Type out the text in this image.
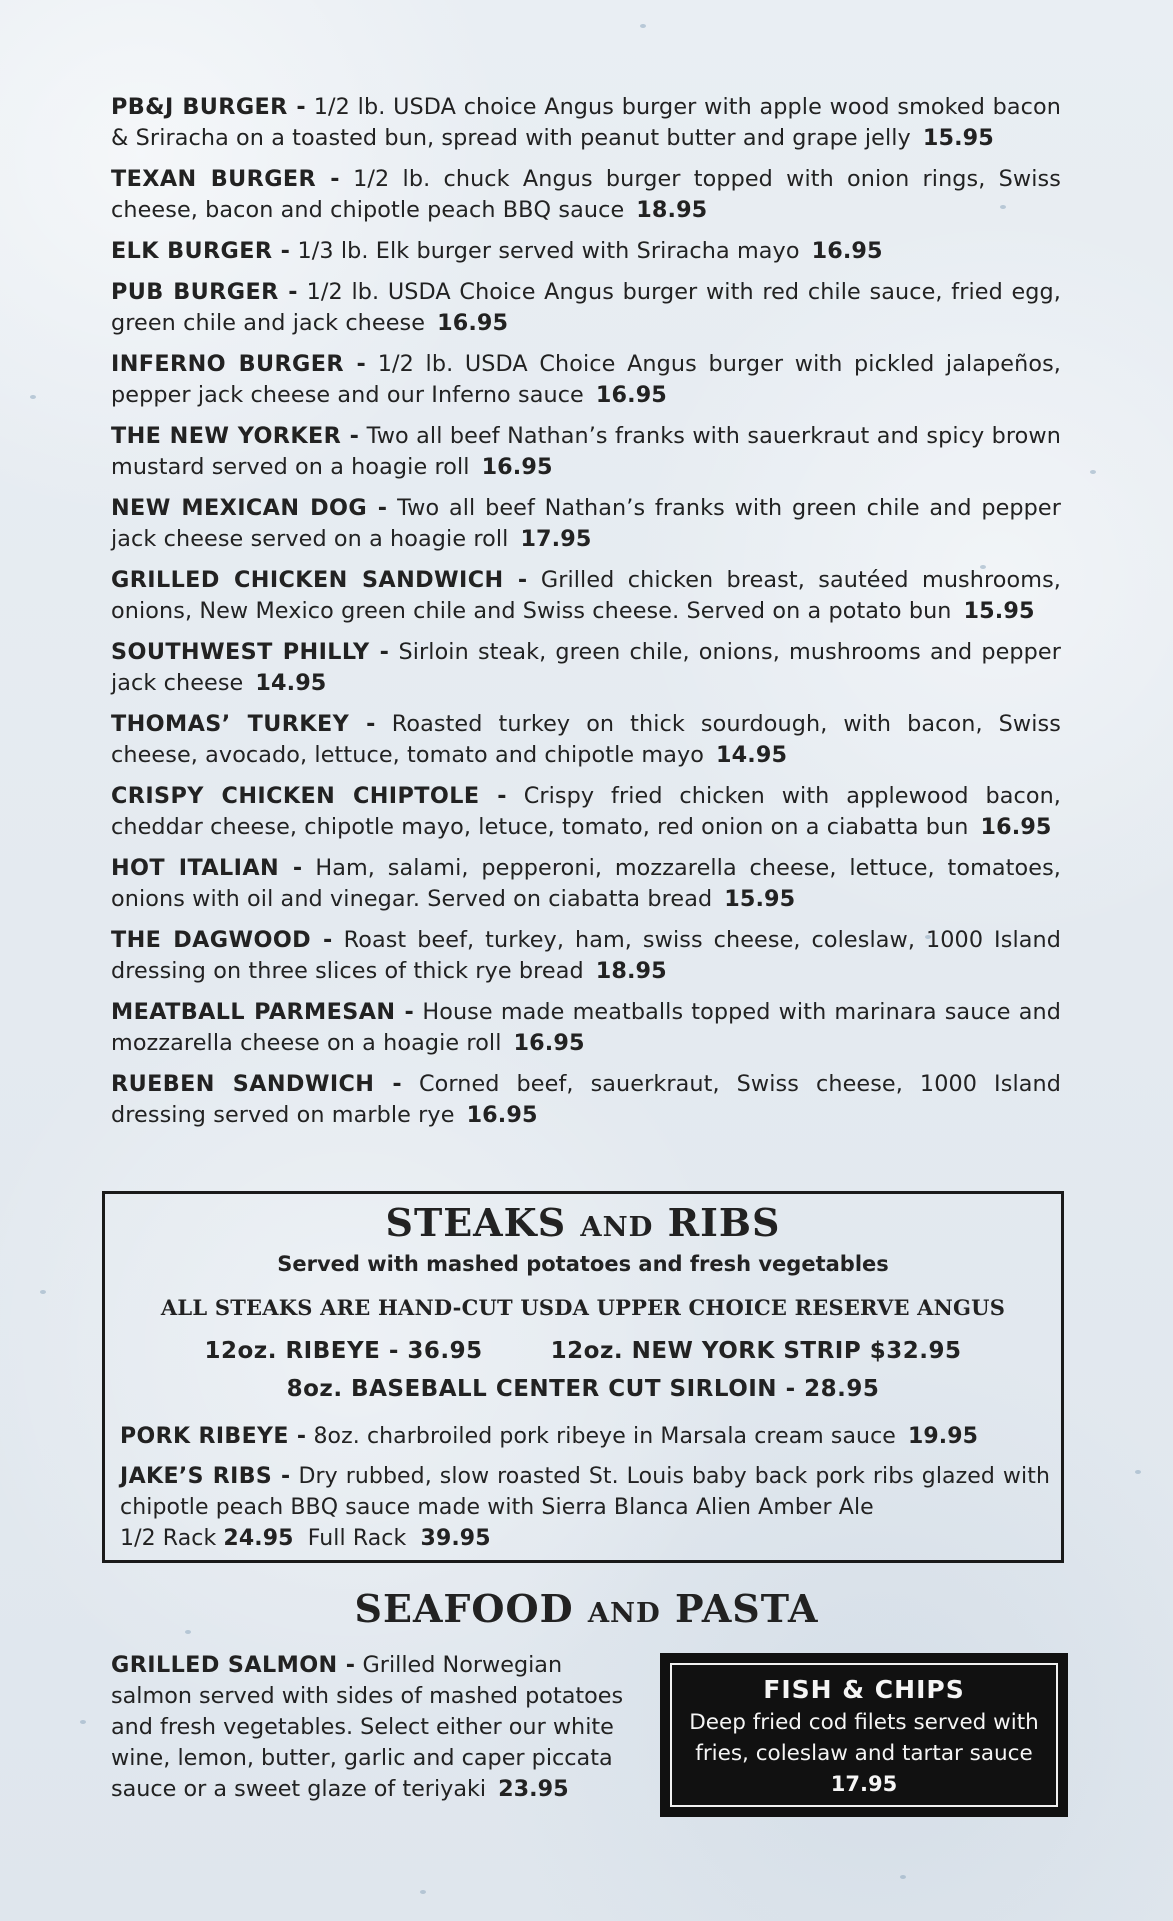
PB&J BURGER - 1/2 lb. USDA choice Angus burger with apple wood smoked bacon & Sriracha on a toasted bun, spread with peanut butter and grape jelly 15.95
TEXAN BURGER - 1/2 lb. chuck Angus burger topped with onion rings, Swiss cheese, bacon and chipotle peach BBQ sauce 18.95
ELK BURGER - 1/3 lb. Elk burger served with Sriracha mayo 16.95
PUB BURGER - 1/2 lb. USDA Choice Angus burger with red chile sauce, fried egg, green chile and jack cheese 16.95
INFERNO BURGER - 1/2 lb. USDA Choice Angus burger with pickled jalapeños, pepper jack cheese and our Inferno sauce 16.95
THE NEW YORKER - Two all beef Nathan’s franks with sauerkraut and spicy brown mustard served on a hoagie roll 16.95
NEW MEXICAN DOG - Two all beef Nathan’s franks with green chile and pepper jack cheese served on a hoagie roll 17.95
GRILLED CHICKEN SANDWICH - Grilled chicken breast, sautéed mushrooms, onions, New Mexico green chile and Swiss cheese. Served on a potato bun 15.95
SOUTHWEST PHILLY - Sirloin steak, green chile, onions, mushrooms and pepper jack cheese 14.95
THOMAS’ TURKEY - Roasted turkey on thick sourdough, with bacon, Swiss cheese, avocado, lettuce, tomato and chipotle mayo 14.95
CRISPY CHICKEN CHIPTOLE - Crispy fried chicken with applewood bacon, cheddar cheese, chipotle mayo, letuce, tomato, red onion on a ciabatta bun 16.95
HOT ITALIAN - Ham, salami, pepperoni, mozzarella cheese, lettuce, tomatoes, onions with oil and vinegar. Served on ciabatta bread 15.95
THE DAGWOOD - Roast beef, turkey, ham, swiss cheese, coleslaw, 1000 Island dressing on three slices of thick rye bread 18.95
MEATBALL PARMESAN - House made meatballs topped with marinara sauce and mozzarella cheese on a hoagie roll 16.95
RUEBEN SANDWICH - Corned beef, sauerkraut, Swiss cheese, 1000 Island dressing served on marble rye 16.95
STEAKS AND RIBS
Served with mashed potatoes and fresh vegetables
ALL STEAKS ARE HAND-CUT USDA UPPER CHOICE RESERVE ANGUS
12oz. RIBEYE - 36.95	12oz. NEW YORK STRIP $32.95
8oz. BASEBALL CENTER CUT SIRLOIN - 28.95
PORK RIBEYE - 8oz. charbroiled pork ribeye in Marsala cream sauce 19.95
JAKE’S RIBS - Dry rubbed, slow roasted St. Louis baby back pork ribs glazed with chipotle peach BBQ sauce made with Sierra Blanca Alien Amber Ale
1/2 Rack 24.95 Full Rack 39.95
SEAFOOD AND PASTA
GRILLED SALMON - Grilled Norwegian salmon served with sides of mashed potatoes and fresh vegetables. Select either our white wine, lemon, butter, garlic and caper piccata sauce or a sweet glaze of teriyaki 23.95
FISH & CHIPS
Deep fried cod filets served with fries, coleslaw and tartar sauce
17.95
